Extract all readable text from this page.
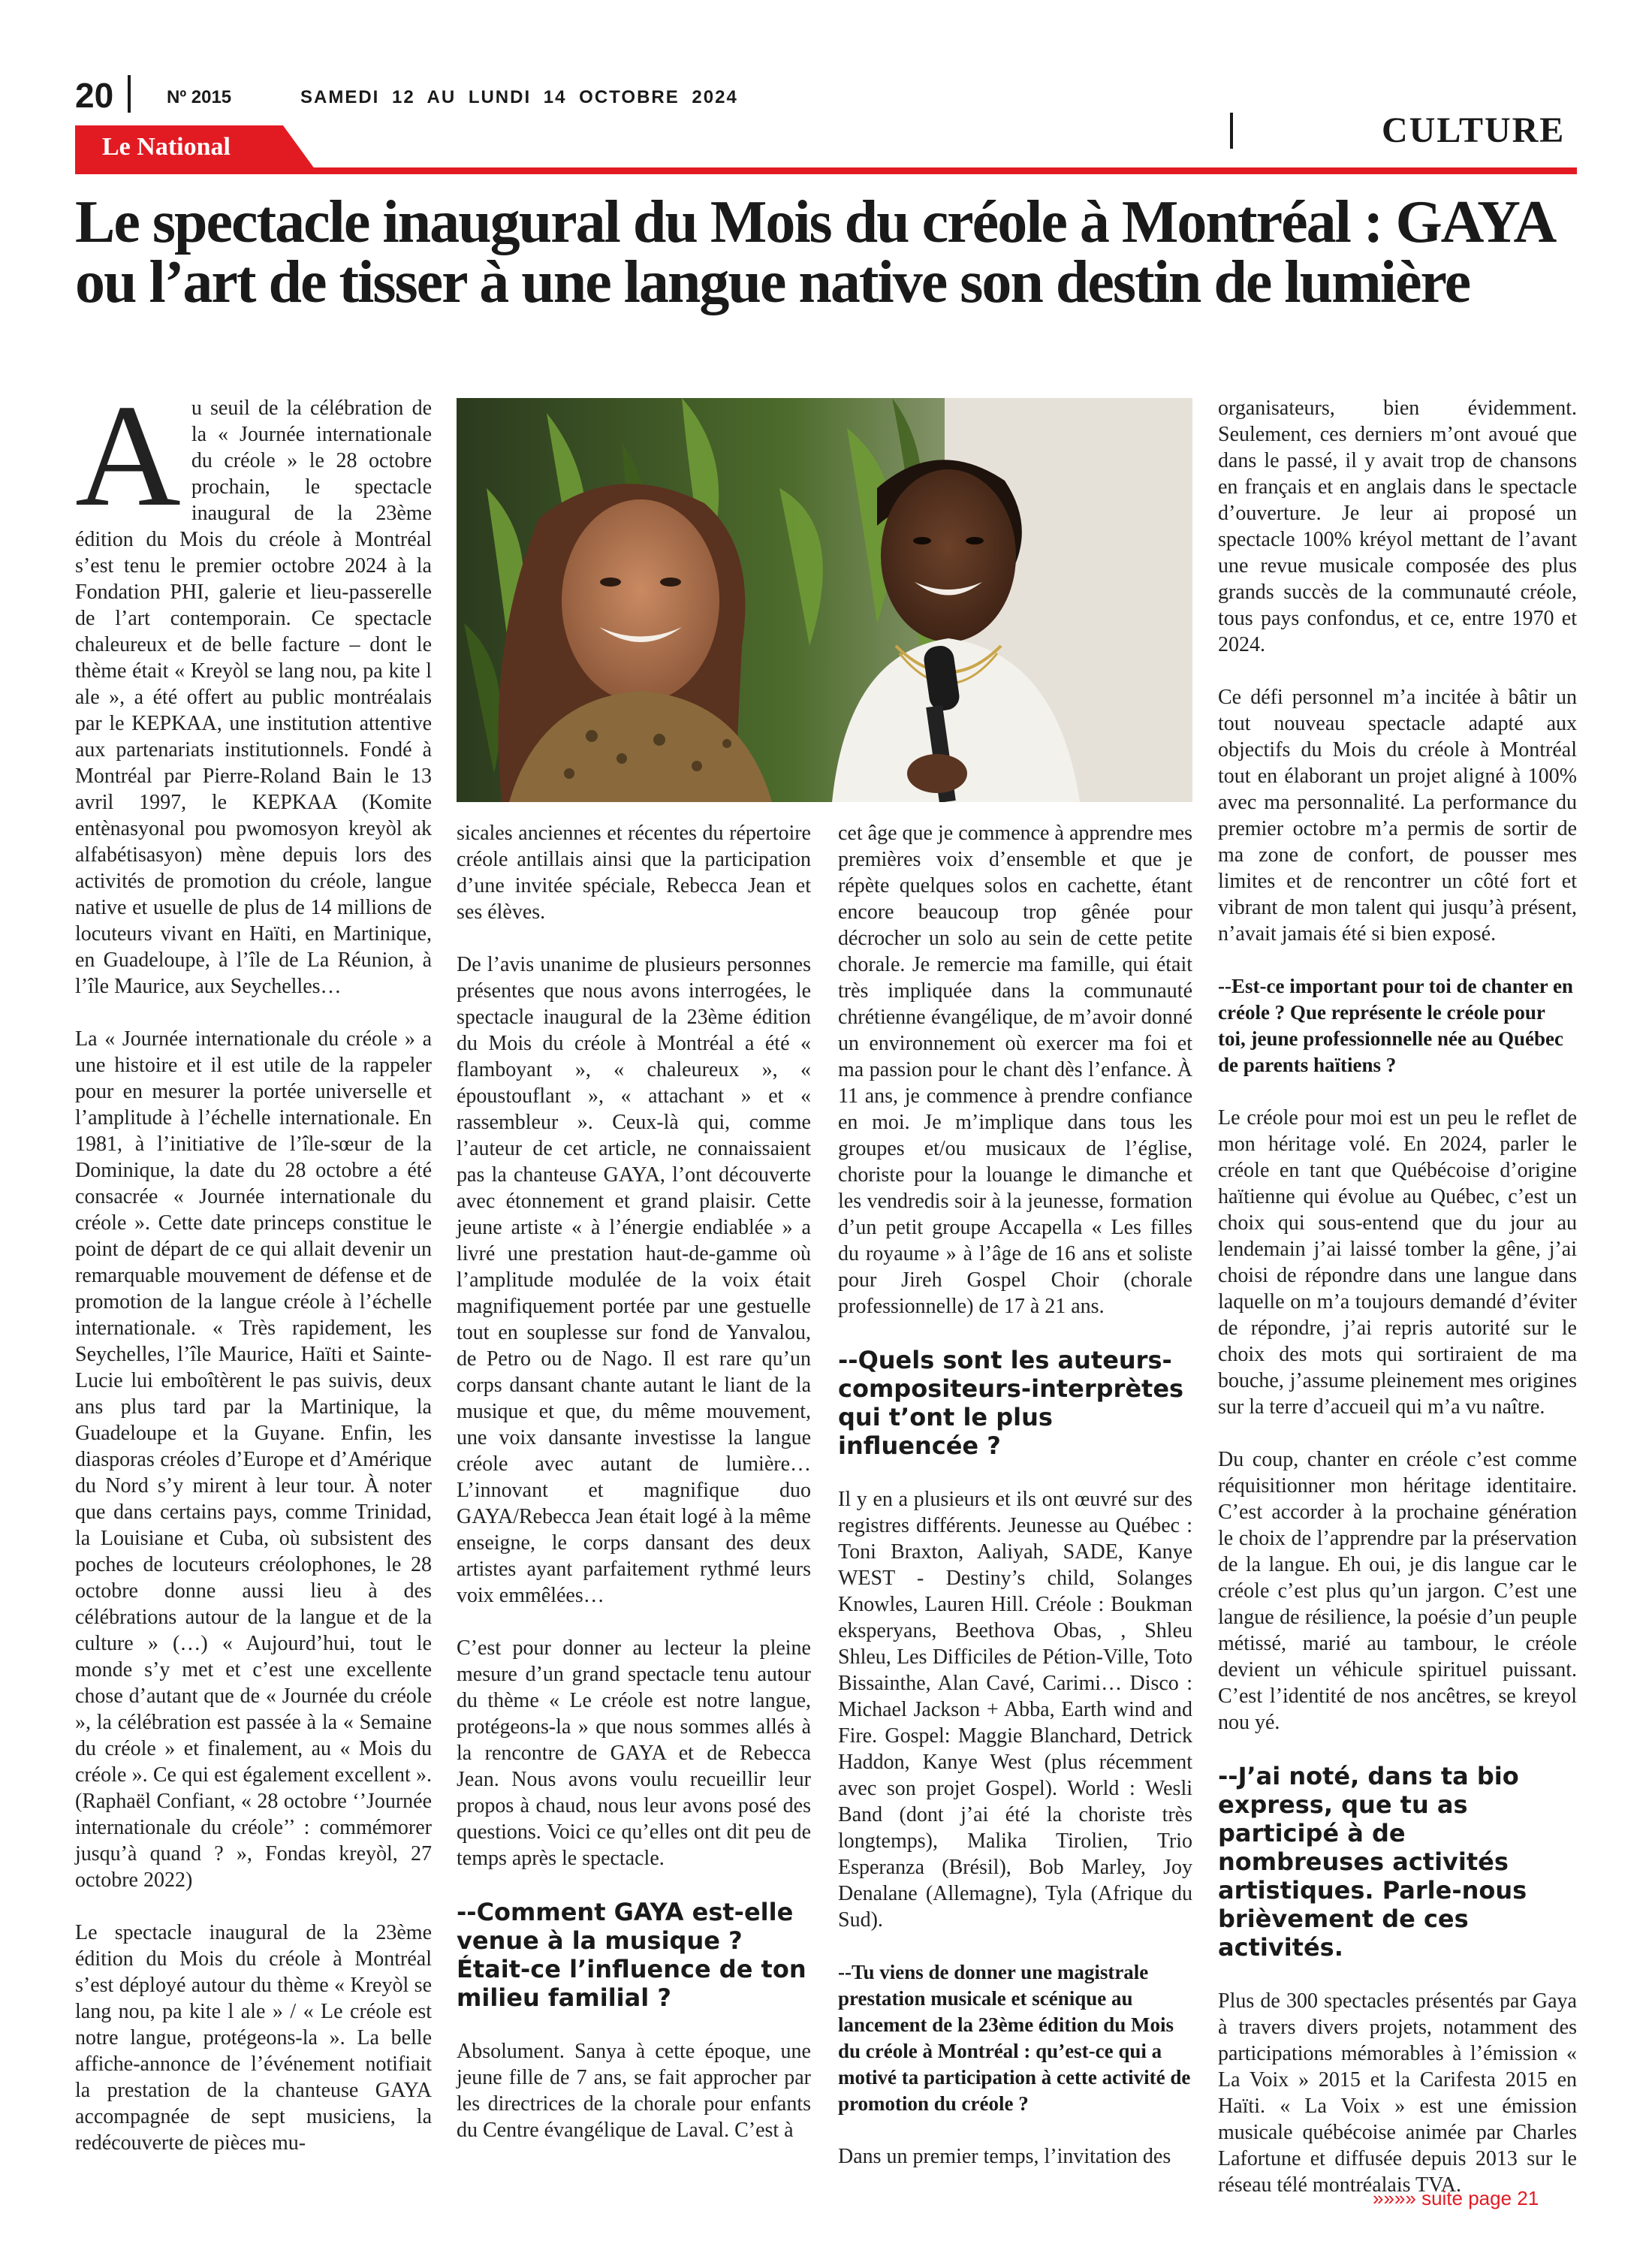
20	Nº 2015	SAMEDI 12 AU LUNDI 14 OCTOBRE 2024
CULTURE
Le National
Le spectacle inaugural du Mois du créole à Montréal : GAYA ou l’art de tisser à une langue native son destin de lumière

Au seuil de la célébration de la « Journée internationale du créole » le 28 octobre prochain, le spectacle inaugural de la 23ème édition du Mois du créole à Montréal s’est tenu le premier octobre 2024 à la Fondation PHI, galerie et lieu-passerelle de l’art contemporain. Ce spectacle chaleureux et de belle facture – dont le thème était « Kreyòl se lang nou, pa kite l ale », a été offert au public montréalais par le KEPKAA, une institution attentive aux partenariats institutionnels. Fondé à Montréal par Pierre-Roland Bain le 13 avril 1997, le KEPKAA (Komite entènasyonal pou pwomosyon kreyòl ak alfabétisasyon) mène depuis lors des activités de promotion du créole, langue native et usuelle de plus de 14 millions de locuteurs vivant en Haïti, en Martinique, en Guadeloupe, à l’île de La Réunion, à l’île Maurice, aux Seychelles…

La « Journée internationale du créole » a une histoire et il est utile de la rappeler pour en mesurer la portée universelle et l’amplitude à l’échelle internationale. En 1981, à l’initiative de l’île-sœur de la Dominique, la date du 28 octobre a été consacrée « Journée internationale du créole ». Cette date princeps constitue le point de départ de ce qui allait devenir un remarquable mouvement de défense et de promotion de la langue créole à l’échelle internationale. « Très rapidement, les Seychelles, l’île Maurice, Haïti et Sainte-Lucie lui emboîtèrent le pas suivis, deux ans plus tard par la Martinique, la Guadeloupe et la Guyane. Enfin, les diasporas créoles d’Europe et d’Amérique du Nord s’y mirent à leur tour. À noter que dans certains pays, comme Trinidad, la Louisiane et Cuba, où subsistent des poches de locuteurs créolophones, le 28 octobre donne aussi lieu à des célébrations autour de la langue et de la culture » (…) « Aujourd’hui, tout le monde s’y met et c’est une excellente chose d’autant que de « Journée du créole », la célébration est passée à la « Semaine du créole » et finalement, au « Mois du créole ». Ce qui est également excellent ». (Raphaël Confiant, « 28 octobre ‘’Journée internationale du créole’’ : commémorer jusqu’à quand ? », Fondas kreyòl, 27 octobre 2022)

Le spectacle inaugural de la 23ème édition du Mois du créole à Montréal s’est déployé autour du thème « Kreyòl se lang nou, pa kite l ale » / « Le créole est notre langue, protégeons-la ». La belle affiche-annonce de l’événement notifiait la prestation de la chanteuse GAYA accompagnée de sept musiciens, la redécouverte de pièces mu-

sicales anciennes et récentes du répertoire créole antillais ainsi que la participation d’une invitée spéciale, Rebecca Jean et ses élèves.

De l’avis unanime de plusieurs personnes présentes que nous avons interrogées, le spectacle inaugural de la 23ème édition du Mois du créole à Montréal a été « flamboyant », « chaleureux », « époustouflant », « attachant » et « rassembleur ». Ceux-là qui, comme l’auteur de cet article, ne connaissaient pas la chanteuse GAYA, l’ont découverte avec étonnement et grand plaisir. Cette jeune artiste « à l’énergie endiablée » a livré une prestation haut-de-gamme où l’amplitude modulée de la voix était magnifiquement portée par une gestuelle tout en souplesse sur fond de Yanvalou, de Petro ou de Nago. Il est rare qu’un corps dansant chante autant le liant de la musique et que, du même mouvement, une voix dansante investisse la langue créole avec autant de lumière… L’innovant et magnifique duo GAYA/Rebecca Jean était logé à la même enseigne, le corps dansant des deux artistes ayant parfaitement rythmé leurs voix emmêlées…

C’est pour donner au lecteur la pleine mesure d’un grand spectacle tenu autour du thème « Le créole est notre langue, protégeons-la » que nous sommes allés à la rencontre de GAYA et de Rebecca Jean. Nous avons voulu recueillir leur propos à chaud, nous leur avons posé des questions. Voici ce qu’elles ont dit peu de temps après le spectacle.

--Comment GAYA est-elle venue à la musique ? Était-ce l’influence de ton milieu familial ?

Absolument. Sanya à cette époque, une jeune fille de 7 ans, se fait approcher par les directrices de la chorale pour enfants du Centre évangélique de Laval. C’est à

cet âge que je commence à apprendre mes premières voix d’ensemble et que je répète quelques solos en cachette, étant encore beaucoup trop gênée pour décrocher un solo au sein de cette petite chorale. Je remercie ma famille, qui était très impliquée dans la communauté chrétienne évangélique, de m’avoir donné un environnement où exercer ma foi et ma passion pour le chant dès l’enfance. À 11 ans, je commence à prendre confiance en moi. Je m’implique dans tous les groupes et/ou musicaux de l’église, choriste pour la louange le dimanche et les vendredis soir à la jeunesse, formation d’un petit groupe Accapella « Les filles du royaume » à l’âge de 16 ans et soliste pour Jireh Gospel Choir (chorale professionnelle) de 17 à 21 ans.

--Quels sont les auteurs-compositeurs-interprètes qui t’ont le plus influencée ?

Il y en a plusieurs et ils ont œuvré sur des registres différents. Jeunesse au Québec : Toni Braxton, Aaliyah, SADE, Kanye WEST - Destiny’s child, Solanges Knowles, Lauren Hill. Créole : Boukman eksperyans, Beethova Obas, , Shleu Shleu, Les Difficiles de Pétion-Ville, Toto Bissainthe, Alan Cavé, Carimi… Disco : Michael Jackson + Abba, Earth wind and Fire. Gospel: Maggie Blanchard, Detrick Haddon, Kanye West (plus récemment avec son projet Gospel). World : Wesli Band (dont j’ai été la choriste très longtemps), Malika Tirolien, Trio Esperanza (Brésil), Bob Marley, Joy Denalane (Allemagne), Tyla (Afrique du Sud).

--Tu viens de donner une magistrale prestation musicale et scénique au lancement de la 23ème édition du Mois du créole à Montréal : qu’est-ce qui a motivé ta participation à cette activité de promotion du créole ?

Dans un premier temps, l’invitation des

organisateurs, bien évidemment. Seulement, ces derniers m’ont avoué que dans le passé, il y avait trop de chansons en français et en anglais dans le spectacle d’ouverture. Je leur ai proposé un spectacle 100% kréyol mettant de l’avant une revue musicale composée des plus grands succès de la communauté créole, tous pays confondus, et ce, entre 1970 et 2024.

Ce défi personnel m’a incitée à bâtir un tout nouveau spectacle adapté aux objectifs du Mois du créole à Montréal tout en élaborant un projet aligné à 100% avec ma personnalité. La performance du premier octobre m’a permis de sortir de ma zone de confort, de pousser mes limites et de rencontrer un côté fort et vibrant de mon talent qui jusqu’à présent, n’avait jamais été si bien exposé.

--Est-ce important pour toi de chanter en créole ? Que représente le créole pour toi, jeune professionnelle née au Québec de parents haïtiens ?

Le créole pour moi est un peu le reflet de mon héritage volé. En 2024, parler le créole en tant que Québécoise d’origine haïtienne qui évolue au Québec, c’est un choix qui sous-entend que du jour au lendemain j’ai laissé tomber la gêne, j’ai choisi de répondre dans une langue dans laquelle on m’a toujours demandé d’éviter de répondre, j’ai repris autorité sur le choix des mots qui sortiraient de ma bouche, j’assume pleinement mes origines sur la terre d’accueil qui m’a vu naître.

Du coup, chanter en créole c’est comme réquisitionner mon héritage identitaire. C’est accorder à la prochaine génération le choix de l’apprendre par la préservation de la langue. Eh oui, je dis langue car le créole c’est plus qu’un jargon. C’est une langue de résilience, la poésie d’un peuple métissé, marié au tambour, le créole devient un véhicule spirituel puissant. C’est l’identité de nos ancêtres, se kreyol nou yé.

--J’ai noté, dans ta bio express, que tu as participé à de nombreuses activités artistiques. Parle-nous brièvement de ces activités.

Plus de 300 spectacles présentés par Gaya à travers divers projets, notamment des participations mémorables à l’émission « La Voix » 2015 et la Carifesta 2015 en Haïti. « La Voix » est une émission musicale québécoise animée par Charles Lafortune et diffusée depuis 2013 sur le réseau télé montréalais TVA.

»»»» suite page 21
